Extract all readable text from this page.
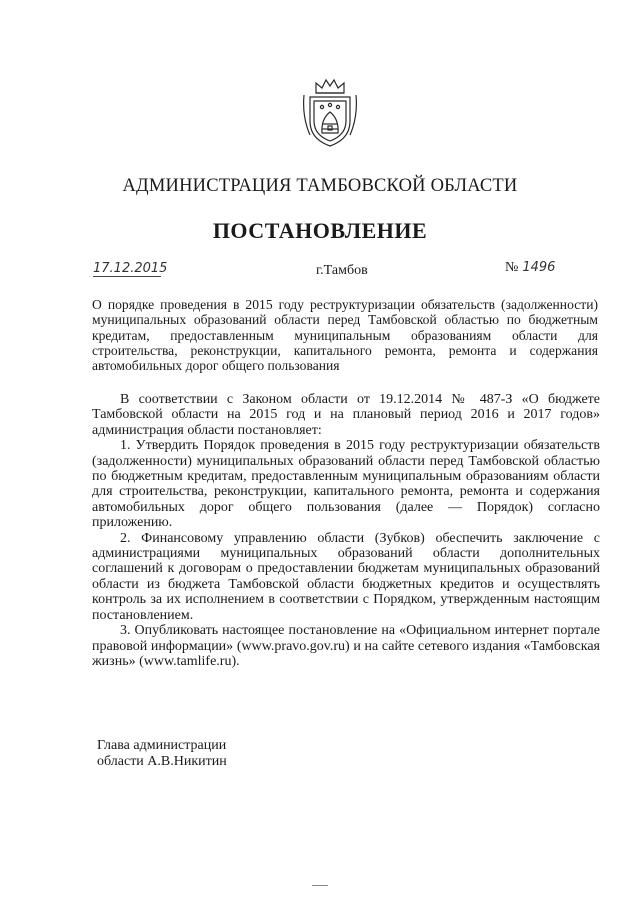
АДМИНИСТРАЦИЯ ТАМБОВСКОЙ ОБЛАСТИ
ПОСТАНОВЛЕНИЕ
17.12.2015	г.Тамбов	№ 1496
О порядке проведения в 2015 году реструктуризации обязательств (задолженности) муниципальных образований области перед Тамбовской областью по бюджетным кредитам, предоставленным муниципальным образованиям области для строительства, реконструкции, капитального ремонта, ремонта и содержания автомобильных дорог общего пользования

В соответствии с Законом области от 19.12.2014 № 487-З «О бюджете Тамбовской области на 2015 год и на плановый период 2016 и 2017 годов» администрация области постановляет:

1. Утвердить Порядок проведения в 2015 году реструктуризации обязательств (задолженности) муниципальных образований области перед Тамбовской областью по бюджетным кредитам, предоставленным муниципальным образованиям области для строительства, реконструкции, капитального ремонта, ремонта и содержания автомобильных дорог общего пользования (далее — Порядок) согласно приложению.

2. Финансовому управлению области (Зубков) обеспечить заключение с администрациями муниципальных образований области дополнительных соглашений к договорам о предоставлении бюджетам муниципальных образований области из бюджета Тамбовской области бюджетных кредитов и осуществлять контроль за их исполнением в соответствии с Порядком, утвержденным настоящим постановлением.

3. Опубликовать настоящее постановление на «Официальном интернет портале правовой информации» (www.pravo.gov.ru) и на сайте сетевого издания «Тамбовская жизнь» (www.tamlife.ru).

Глава администрации
области А.В.Никитин
